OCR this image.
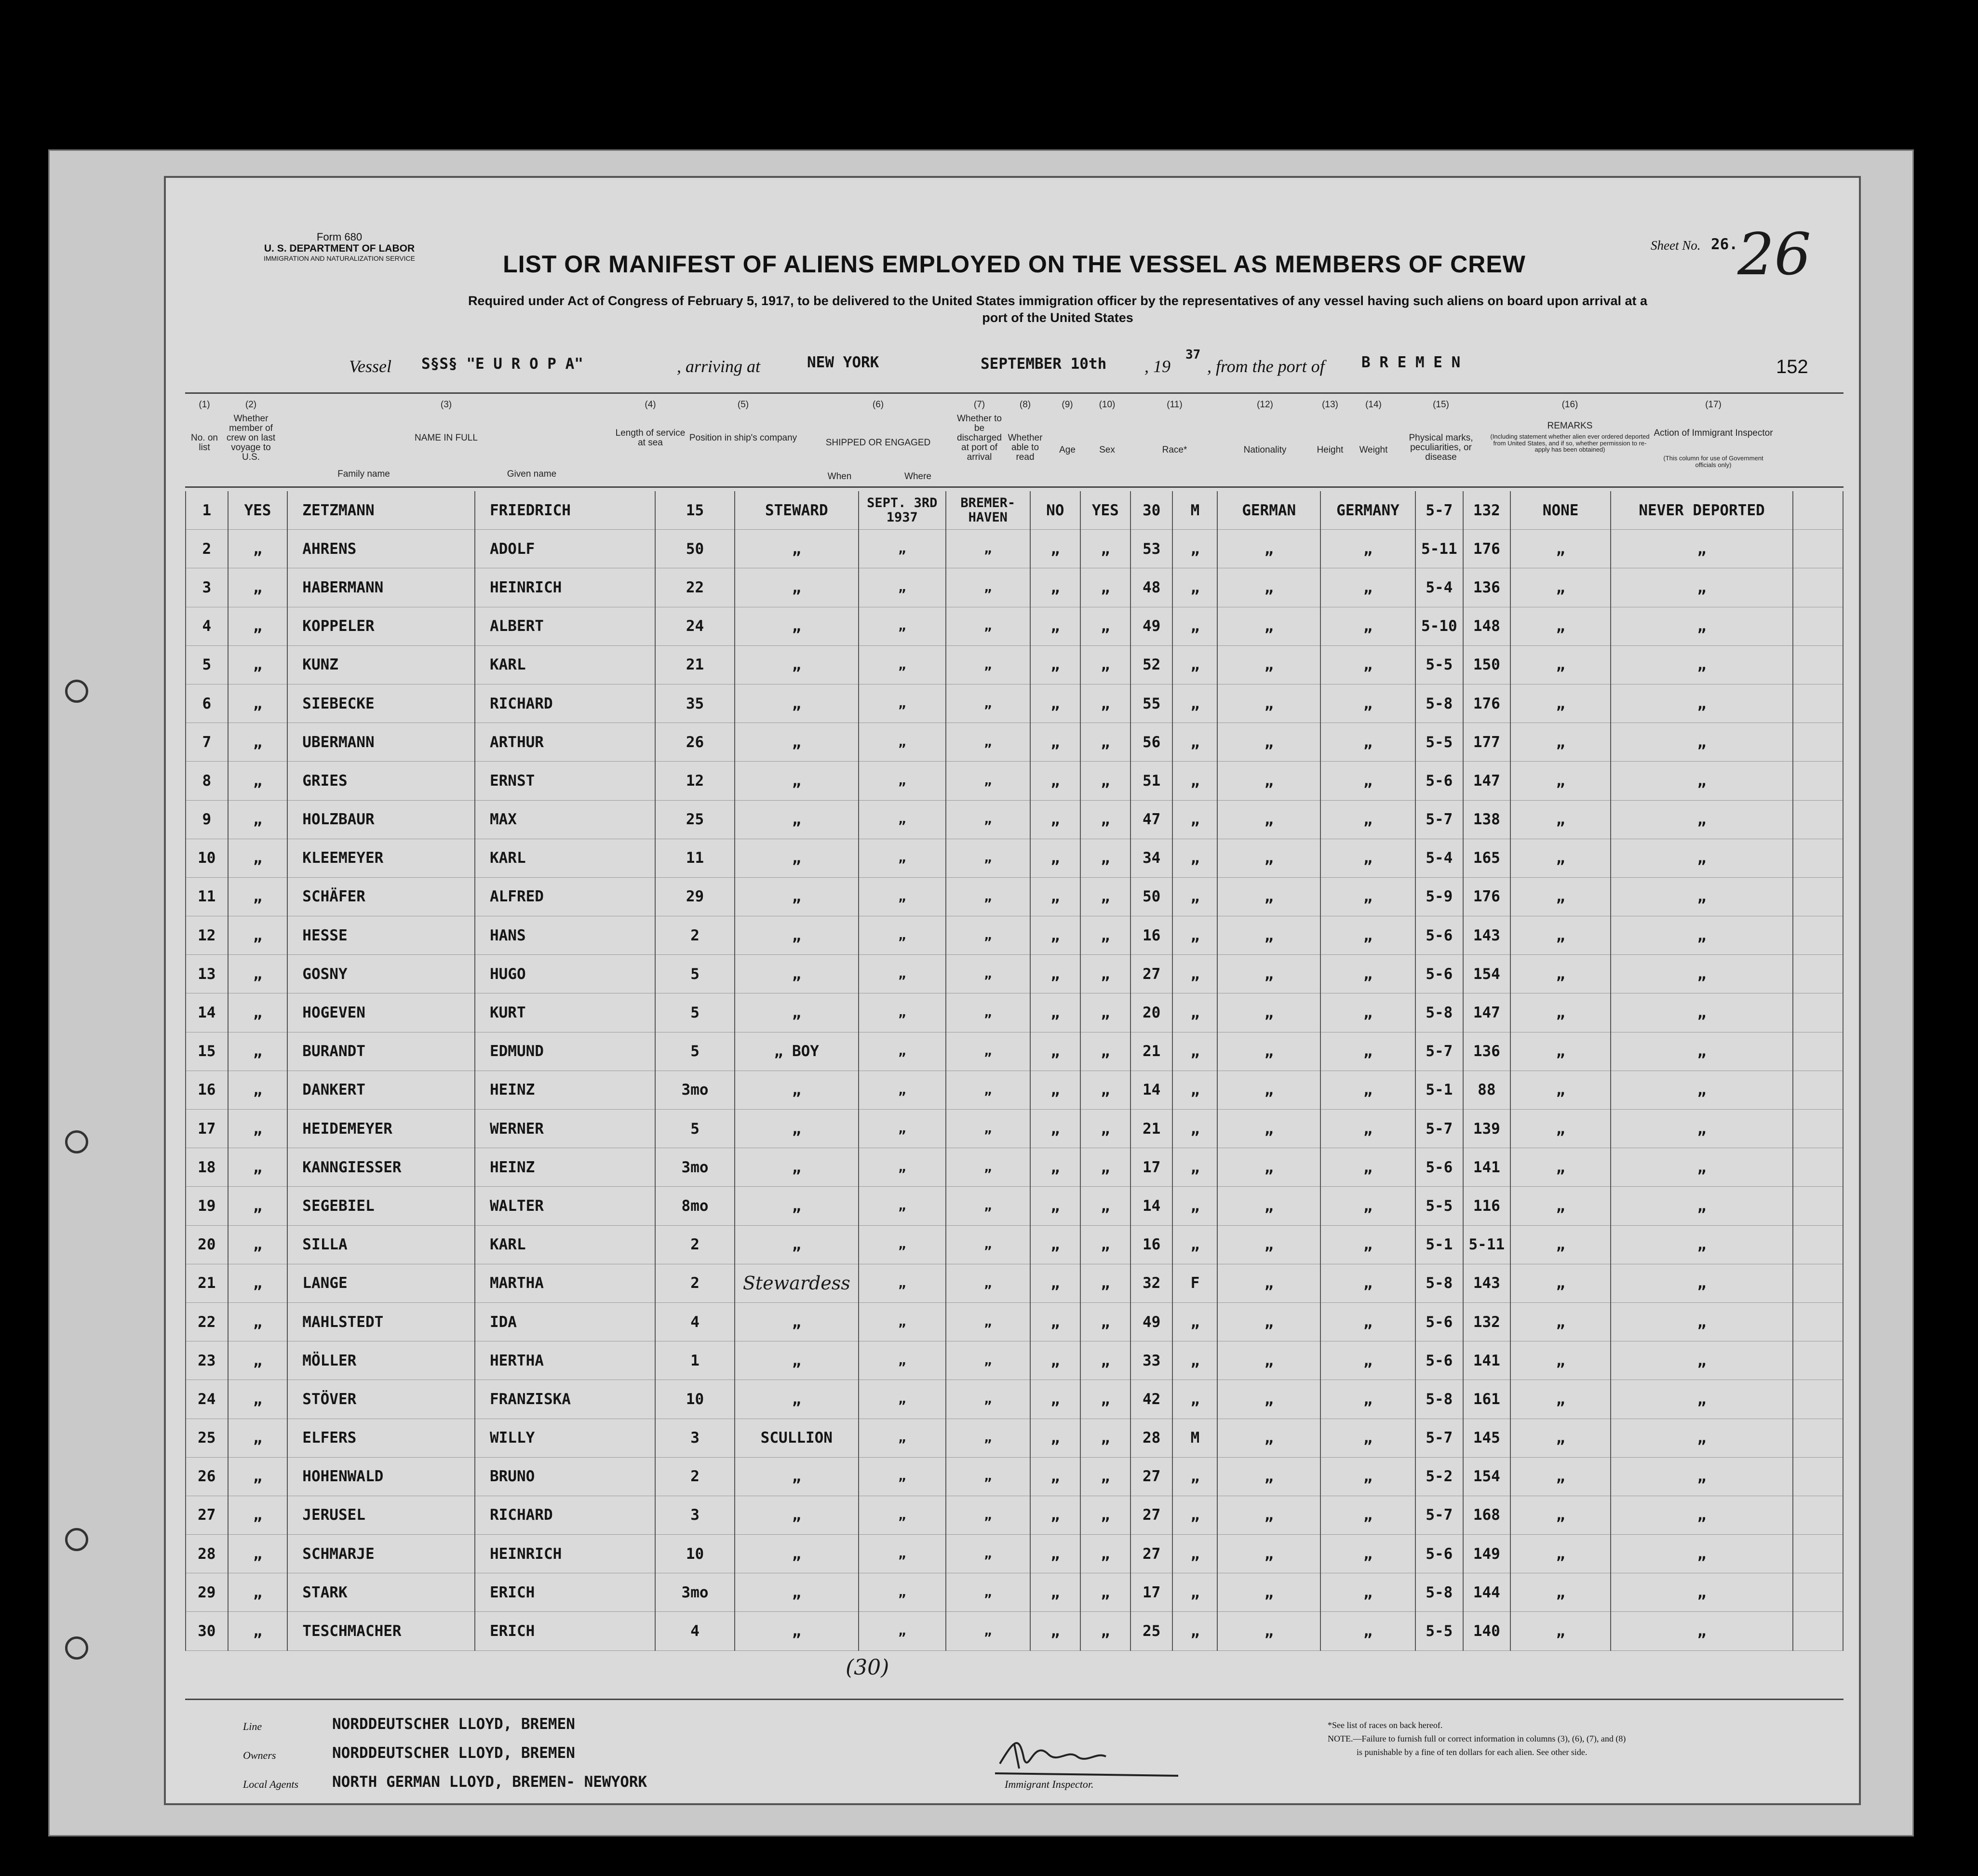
Form 680
U. S. DEPARTMENT OF LABOR
IMMIGRATION AND NATURALIZATION SERVICE	LIST OR MANIFEST OF ALIENS EMPLOYED ON THE VESSEL AS MEMBERS OF CREW
Required under Act of Congress of February 5, 1917, to be delivered to the United States immigration officer by the representatives of any vessel having such aliens on board upon arrival at a
port of the United States
Sheet No. 26. 26
152
Vessel S§S§ "E U R O P A"	, arriving at	NEW YORK	SEPTEMBER 10th , 19
37
, from the port of B R E M E N
(1)
No. on list
(2)
Whether member of crew on last voyage to U.S.
(3)
NAME IN FULL
Family name	Given name
(4)
Length of service at sea
(5)
Position in ship's company
(6)
SHIPPED OR ENGAGED
When	Where
(7)
Whether to be discharged at port of arrival
(8)
Whether able to read
(9)
Age
(10)
Sex
(11)
Race*
(12)
Nationality
(13)
Height
(14)
Weight
(15)
Physical marks, peculiarities, or disease
(16)
REMARKS
(Including statement whether alien ever ordered deported from United States, and if so, whether permission to re-apply has been obtained)
(17)
Action of Immigrant Inspector
(This column for use of Government officials only)
1	YES	ZETZMANN	FRIEDRICH	15	STEWARD	SEPT. 3RD 1937	BREMER- HAVEN	NO	YES	30	M	GERMAN	GERMANY	5-7	132	NONE	NEVER DEPORTED	
2	„	AHRENS	ADOLF	50	„	„	„	„	„	53	„	„	„	5-11	176	„	„	
3	„	HABERMANN	HEINRICH	22	„	„	„	„	„	48	„	„	„	5-4	136	„	„	
4	„	KOPPELER	ALBERT	24	„	„	„	„	„	49	„	„	„	5-10	148	„	„	
5	„	KUNZ	KARL	21	„	„	„	„	„	52	„	„	„	5-5	150	„	„	
6	„	SIEBECKE	RICHARD	35	„	„	„	„	„	55	„	„	„	5-8	176	„	„	
7	„	UBERMANN	ARTHUR	26	„	„	„	„	„	56	„	„	„	5-5	177	„	„	
8	„	GRIES	ERNST	12	„	„	„	„	„	51	„	„	„	5-6	147	„	„	
9	„	HOLZBAUR	MAX	25	„	„	„	„	„	47	„	„	„	5-7	138	„	„	
10	„	KLEEMEYER	KARL	11	„	„	„	„	„	34	„	„	„	5-4	165	„	„	
11	„	SCHÄFER	ALFRED	29	„	„	„	„	„	50	„	„	„	5-9	176	„	„	
12	„	HESSE	HANS	2	„	„	„	„	„	16	„	„	„	5-6	143	„	„	
13	„	GOSNY	HUGO	5	„	„	„	„	„	27	„	„	„	5-6	154	„	„	
14	„	HOGEVEN	KURT	5	„	„	„	„	„	20	„	„	„	5-8	147	„	„	
15	„	BURANDT	EDMUND	5	„ BOY	„	„	„	„	21	„	„	„	5-7	136	„	„	
16	„	DANKERT	HEINZ	3mo	„	„	„	„	„	14	„	„	„	5-1	88	„	„	
17	„	HEIDEMEYER	WERNER	5	„	„	„	„	„	21	„	„	„	5-7	139	„	„	
18	„	KANNGIESSER	HEINZ	3mo	„	„	„	„	„	17	„	„	„	5-6	141	„	„	
19	„	SEGEBIEL	WALTER	8mo	„	„	„	„	„	14	„	„	„	5-5	116	„	„	
20	„	SILLA	KARL	2	„	„	„	„	„	16	„	„	„	5-1	5-11	„	„	
21	„	LANGE	MARTHA	2	Stewardess	„	„	„	„	32	F	„	„	5-8	143	„	„	
22	„	MAHLSTEDT	IDA	4	„	„	„	„	„	49	„	„	„	5-6	132	„	„	
23	„	MÖLLER	HERTHA	1	„	„	„	„	„	33	„	„	„	5-6	141	„	„	
24	„	STÖVER	FRANZISKA	10	„	„	„	„	„	42	„	„	„	5-8	161	„	„	
25	„	ELFERS	WILLY	3	SCULLION	„	„	„	„	28	M	„	„	5-7	145	„	„	
26	„	HOHENWALD	BRUNO	2	„	„	„	„	„	27	„	„	„	5-2	154	„	„	
27	„	JERUSEL	RICHARD	3	„	„	„	„	„	27	„	„	„	5-7	168	„	„	
28	„	SCHMARJE	HEINRICH	10	„	„	„	„	„	27	„	„	„	5-6	149	„	„	
29	„	STARK	ERICH	3mo	„	„	„	„	„	17	„	„	„	5-8	144	„	„	
30	„	TESCHMACHER	ERICH	4	„	„	„	„	„	25	„	„	„	5-5	140	„	„	
(30)
Line	NORDDEUTSCHER LLOYD, BREMEN
Owners	NORDDEUTSCHER LLOYD, BREMEN
Local Agents NORTH GERMAN LLOYD, BREMEN- NEWYORK	Immigrant Inspector.
*See list of races on back hereof.
NOTE.—Failure to furnish full or correct information in columns (3), (6), (7), and (8)
is punishable by a fine of ten dollars for each alien. See other side.
